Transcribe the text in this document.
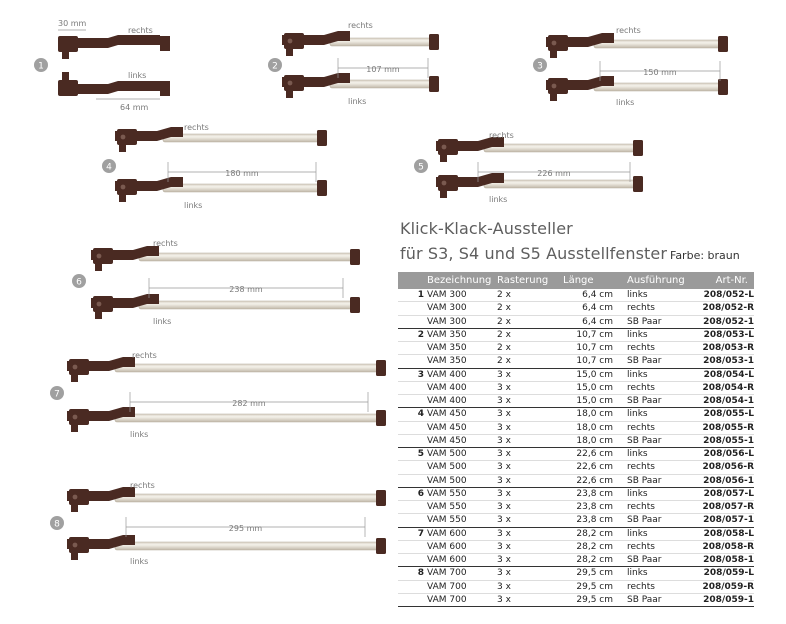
1
30 mm
rechts
links
64 mm
2
rechts
links
107 mm	3
rechts
links
150 mm
4
rechts
links
180 mm
5
rechts
links
226 mm
6
rechts
links
238 mm
7
rechts
links
282 mm
8
rechts
links
295 mm
Klick-Klack-Aussteller
für S3, S4 und S5 Ausstellfenster Farbe: braun
	Bezeichnung	Rasterung	Länge	Ausführung	Art-Nr.
1	VAM 300	2 x	6,4 cm	links	208/052-L
	VAM 300	2 x	6,4 cm	rechts	208/052-R
	VAM 300	2 x	6,4 cm	SB Paar	208/052-1
2	VAM 350	2 x	10,7 cm	links	208/053-L
	VAM 350	2 x	10,7 cm	rechts	208/053-R
	VAM 350	2 x	10,7 cm	SB Paar	208/053-1
3	VAM 400	3 x	15,0 cm	links	208/054-L
	VAM 400	3 x	15,0 cm	rechts	208/054-R
	VAM 400	3 x	15,0 cm	SB Paar	208/054-1
4	VAM 450	3 x	18,0 cm	links	208/055-L
	VAM 450	3 x	18,0 cm	rechts	208/055-R
	VAM 450	3 x	18,0 cm	SB Paar	208/055-1
5	VAM 500	3 x	22,6 cm	links	208/056-L
	VAM 500	3 x	22,6 cm	rechts	208/056-R
	VAM 500	3 x	22,6 cm	SB Paar	208/056-1
6	VAM 550	3 x	23,8 cm	links	208/057-L
	VAM 550	3 x	23,8 cm	rechts	208/057-R
	VAM 550	3 x	23,8 cm	SB Paar	208/057-1
7	VAM 600	3 x	28,2 cm	links	208/058-L
	VAM 600	3 x	28,2 cm	rechts	208/058-R
	VAM 600	3 x	28,2 cm	SB Paar	208/058-1
8	VAM 700	3 x	29,5 cm	links	208/059-L
	VAM 700	3 x	29,5 cm	rechts	208/059-R
	VAM 700	3 x	29,5 cm	SB Paar	208/059-1
